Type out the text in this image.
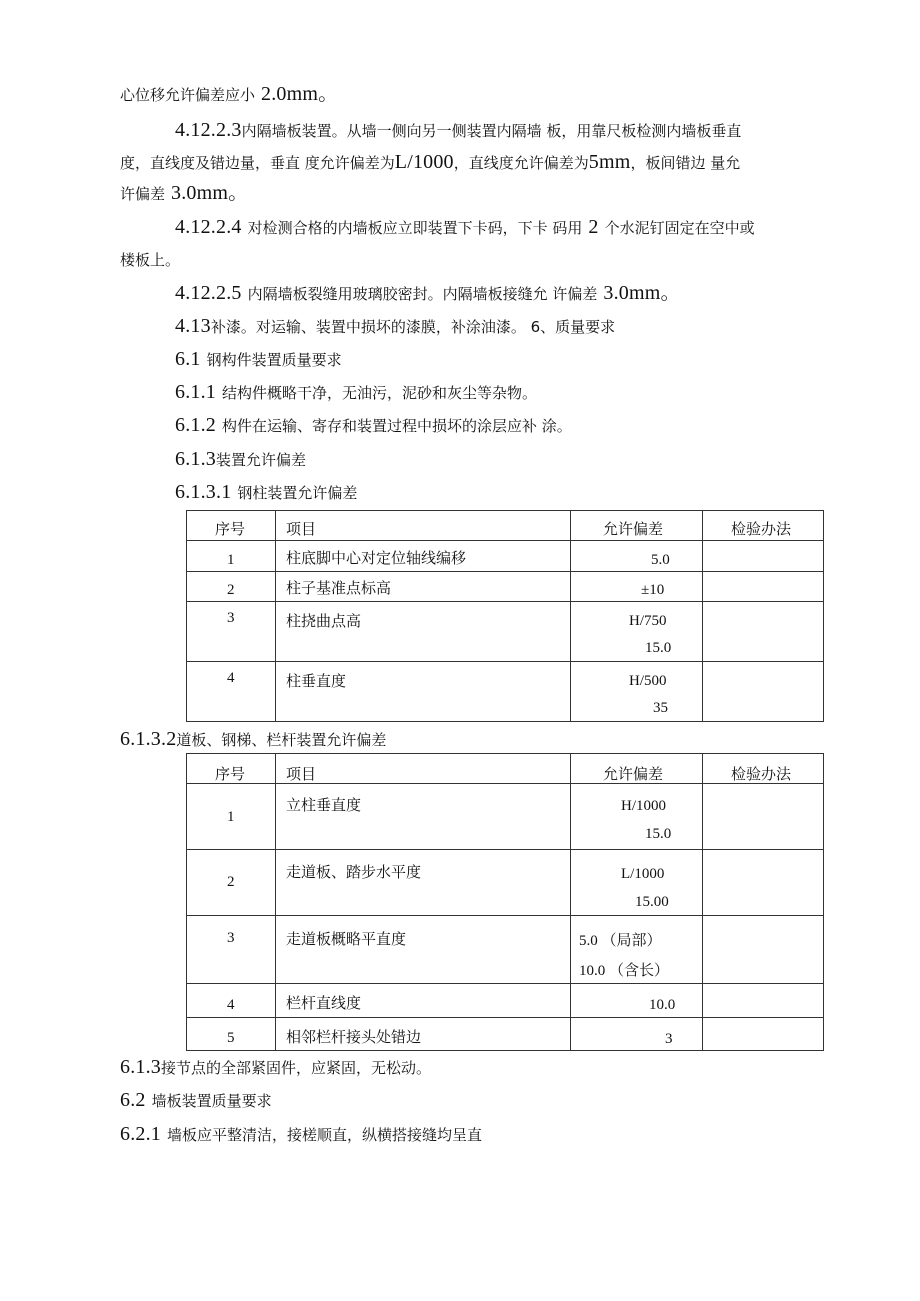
心位移允许偏差应小 2.0mm。
4.12.2.3内隔墙板装置。从墙一侧向另一侧装置内隔墙 板，用靠尺板检测内墙板垂直
度，直线度及错边量，垂直 度允许偏差为L/1000，直线度允许偏差为5mm，板间错边 量允
许偏差 3.0mm。
4.12.2.4 对检测合格的内墙板应立即装置下卡码，下卡 码用 2 个水泥钉固定在空中或
楼板上。
4.12.2.5 内隔墙板裂缝用玻璃胶密封。内隔墙板接缝允 许偏差 3.0mm。
4.13补漆。对运输、装置中损坏的漆膜，补涂油漆。 6、质量要求
6.1 钢构件装置质量要求
6.1.1 结构件概略干净，无油污，泥砂和灰尘等杂物。
6.1.2 构件在运输、寄存和装置过程中损坏的涂层应补 涂。
6.1.3装置允许偏差
6.1.3.1 钢柱装置允许偏差
序号	项目	允许偏差	检验办法

1	柱底脚中心对定位轴线编移	5.0	

2	柱子基准点标高	±10	

3	柱挠曲点高	H/750
15.0	

4	柱垂直度	H/500
35	

6.1.3.2道板、钢梯、栏杆装置允许偏差
序号	项目	允许偏差	检验办法

1	立柱垂直度	H/1000
15.0	

2	走道板、踏步水平度	L/1000
15.00	

3	走道板概略平直度	5.0 （局部）
10.0 （含长）	

4	栏杆直线度	10.0	

5	相邻栏杆接头处错边	3	

6.1.3接节点的全部紧固件，应紧固，无松动。
6.2 墙板装置质量要求
6.2.1 墙板应平整清洁，接槎顺直，纵横搭接缝均呈直
